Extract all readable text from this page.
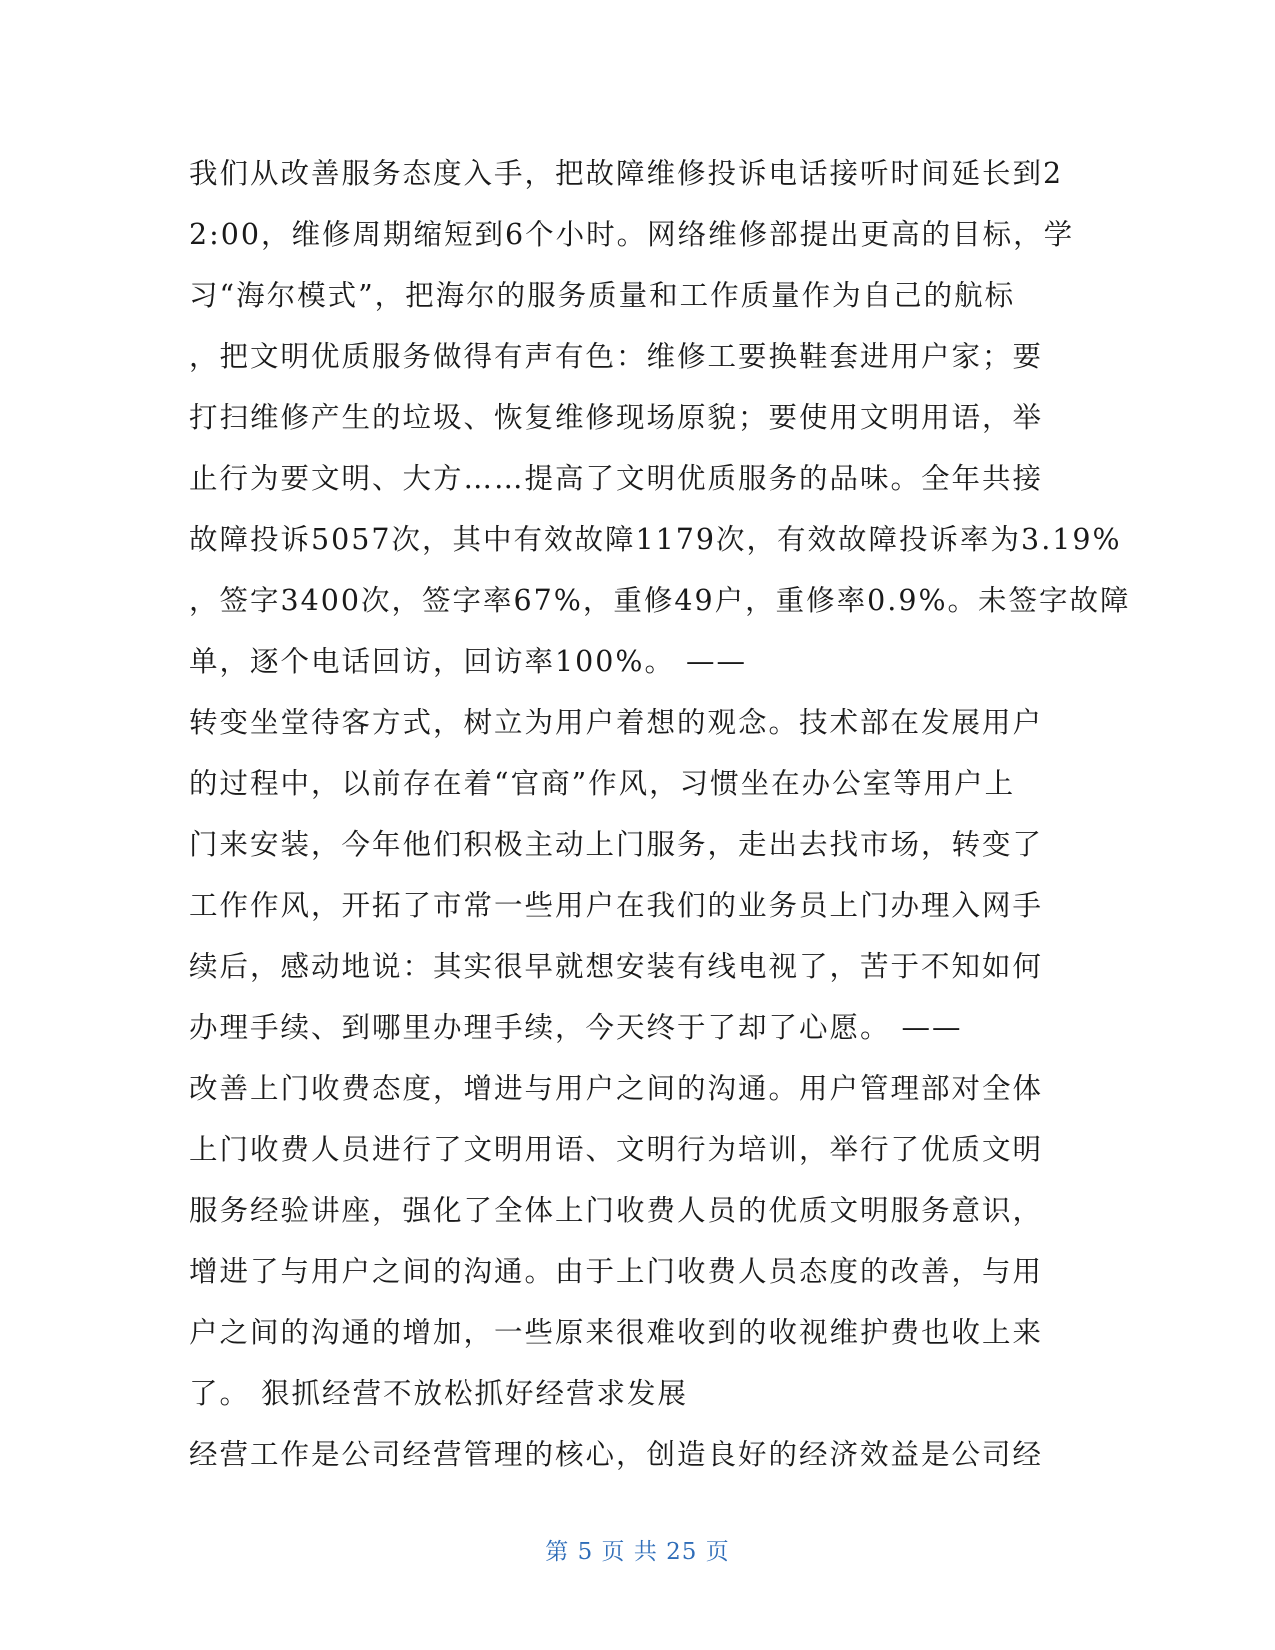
我们从改善服务态度入手，把故障维修投诉电话接听时间延长到2
2:00，维修周期缩短到6个小时。网络维修部提出更高的目标，学
习“海尔模式”，把海尔的服务质量和工作质量作为自己的航标
，把文明优质服务做得有声有色：维修工要换鞋套进用户家；要
打扫维修产生的垃圾、恢复维修现场原貌；要使用文明用语，举
止行为要文明、大方……提高了文明优质服务的品味。全年共接
故障投诉5057次，其中有效故障1179次，有效故障投诉率为3.19%
，签字3400次，签字率67%，重修49户，重修率0.9%。未签字故障
单，逐个电话回访，回访率100%。 ——
转变坐堂待客方式，树立为用户着想的观念。技术部在发展用户
的过程中，以前存在着“官商”作风，习惯坐在办公室等用户上
门来安装，今年他们积极主动上门服务，走出去找市场，转变了
工作作风，开拓了市常一些用户在我们的业务员上门办理入网手
续后，感动地说：其实很早就想安装有线电视了，苦于不知如何
办理手续、到哪里办理手续，今天终于了却了心愿。 ——
改善上门收费态度，增进与用户之间的沟通。用户管理部对全体
上门收费人员进行了文明用语、文明行为培训，举行了优质文明
服务经验讲座，强化了全体上门收费人员的优质文明服务意识，
增进了与用户之间的沟通。由于上门收费人员态度的改善，与用
户之间的沟通的增加，一些原来很难收到的收视维护费也收上来
了。 狠抓经营不放松抓好经营求发展
经营工作是公司经营管理的核心，创造良好的经济效益是公司经
第 5 页 共 25 页
